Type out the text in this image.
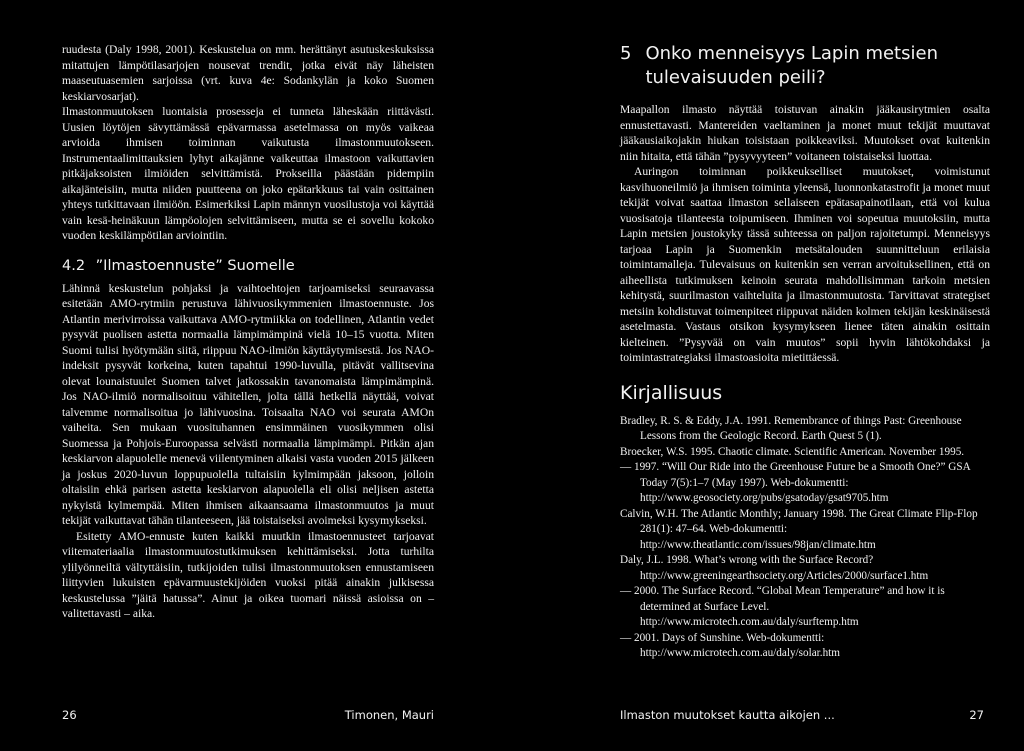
ruudesta (Daly 1998, 2001). Keskustelua on mm. herättänyt asutuskeskuksissa mitattujen lämpötilasarjojen nousevat trendit, jotka eivät näy läheisten maaseutuasemien sarjoissa (vrt. kuva 4e: Sodankylän ja koko Suomen keskiarvosarjat).

Ilmastonmuutoksen luontaisia prosesseja ei tunneta läheskään riittävästi. Uusien löytöjen sävyttämässä epävarmassa asetelmassa on myös vaikeaa arvioida ihmisen toiminnan vaikutusta ilmastonmuutokseen. Instrumentaalimittauksien lyhyt aikajänne vaikeuttaa ilmastoon vaikuttavien pitkäjaksoisten ilmiöiden selvittämistä. Prokseilla päästään pidempiin aikajänteisiin, mutta niiden puutteena on joko epätarkkuus tai vain osittainen yhteys tutkittavaan ilmiöön. Esimerkiksi Lapin männyn vuosilustoja voi käyttää vain kesä-heinäkuun lämpöolojen selvittämiseen, mutta se ei sovellu kokoko vuoden keskilämpötilan arviointiin.

4.2 ”Ilmastoennuste” Suomelle

Lähinnä keskustelun pohjaksi ja vaihtoehtojen tarjoamiseksi seuraavassa esitetään AMO-rytmiin perustuva lähivuosikymmenien ilmastoennuste. Jos Atlantin merivirroissa vaikuttava AMO-rytmiikka on todellinen, Atlantin vedet pysyvät puolisen astetta normaalia lämpimämpinä vielä 10–15 vuotta. Miten Suomi tulisi hyötymään siitä, riippuu NAO-ilmiön käyttäytymisestä. Jos NAO-indeksit pysyvät korkeina, kuten tapahtui 1990-luvulla, pitävät vallitsevina olevat lounaistuulet Suomen talvet jatkossakin tavanomaista lämpimämpinä. Jos NAO-ilmiö normalisoituu vähitellen, jolta tällä hetkellä näyttää, voivat talvemme normalisoitua jo lähivuosina. Toisaalta NAO voi seurata AMOn vaiheita. Sen mukaan vuosituhannen ensimmäinen vuosikymmen olisi Suomessa ja Pohjois-Euroopassa selvästi normaalia lämpimämpi. Pitkän ajan keskiarvon alapuolelle menevä viilentyminen alkaisi vasta vuoden 2015 jälkeen ja joskus 2020-luvun loppupuolella tultaisiin kylmimpään jaksoon, jolloin oltaisiin ehkä parisen astetta keskiarvon alapuolella eli olisi neljisen astetta nykyistä kylmempää. Miten ihmisen aikaansaama ilmastonmuutos ja muut tekijät vaikuttavat tähän tilanteeseen, jää toistaiseksi avoimeksi kysymykseksi.

Esitetty AMO-ennuste kuten kaikki muutkin ilmastoennusteet tarjoavat viitemateriaalia ilmastonmuutostutkimuksen kehittämiseksi. Jotta turhilta ylilyönneiltä vältyttäisiin, tutkijoiden tulisi ilmastonmuutoksen ennustamiseen liittyvien lukuisten epävarmuustekijöiden vuoksi pitää ainakin julkisessa keskustelussa ”jäitä hatussa”. Ainut ja oikea tuomari näissä asioissa on – valitettavasti – aika.

26	Timonen, Mauri
5 Onko menneisyys Lapin metsien tulevaisuuden peili?

Maapallon ilmasto näyttää toistuvan ainakin jääkausirytmien osalta ennustettavasti. Mantereiden vaeltaminen ja monet muut tekijät muuttavat jääkausiaikojakin hiukan toisistaan poikkeaviksi. Muutokset ovat kuitenkin niin hitaita, että tähän ”pysyvyyteen” voitaneen toistaiseksi luottaa.

Auringon toiminnan poikkeukselliset muutokset, voimistunut kasvihuoneilmiö ja ihmisen toiminta yleensä, luonnonkatastrofit ja monet muut tekijät voivat saattaa ilmaston sellaiseen epätasapainotilaan, että voi kulua vuosisatoja tilanteesta toipumiseen. Ihminen voi sopeutua muutoksiin, mutta Lapin metsien joustokyky tässä suhteessa on paljon rajoitetumpi. Menneisyys tarjoaa Lapin ja Suomenkin metsätalouden suunnitteluun erilaisia toimintamalleja. Tulevaisuus on kuitenkin sen verran arvoituksellinen, että on aiheellista tutkimuksen keinoin seurata mahdollisimman tarkoin metsien kehitystä, suurilmaston vaihteluita ja ilmastonmuutosta. Tarvittavat strategiset metsiin kohdistuvat toimenpiteet riippuvat näiden kolmen tekijän keskinäisestä asetelmasta. Vastaus otsikon kysymykseen lienee täten ainakin osittain kielteinen. ”Pysyvää on vain muutos” sopii hyvin lähtökohdaksi ja toimintastrategiaksi ilmastoasioita mietittäessä.

Kirjallisuus
Bradley, R. S. & Eddy, J.A. 1991. Remembrance of things Past: Greenhouse Lessons from the Geologic Record. Earth Quest 5 (1).
Broecker, W.S. 1995. Chaotic climate. Scientific American. November 1995.
— 1997. “Will Our Ride into the Greenhouse Future be a Smooth One?” GSA Today 7(5):1–7 (May 1997). Web-dokumentti: http://www.geosociety.org/pubs/gsatoday/gsat9705.htm
Calvin, W.H. The Atlantic Monthly; January 1998. The Great Climate Flip-Flop 281(1): 47–64. Web-dokumentti: http://www.theatlantic.com/issues/98jan/climate.htm
Daly, J.L. 1998. What’s wrong with the Surface Record? http://www.greeningearthsociety.org/Articles/2000/surface1.htm
— 2000. The Surface Record. “Global Mean Temperature” and how it is determined at Surface Level. http://www.microtech.com.au/daly/surftemp.htm
— 2001. Days of Sunshine. Web-dokumentti: http://www.microtech.com.au/daly/solar.htm
Ilmaston muutokset kautta aikojen ...	27
